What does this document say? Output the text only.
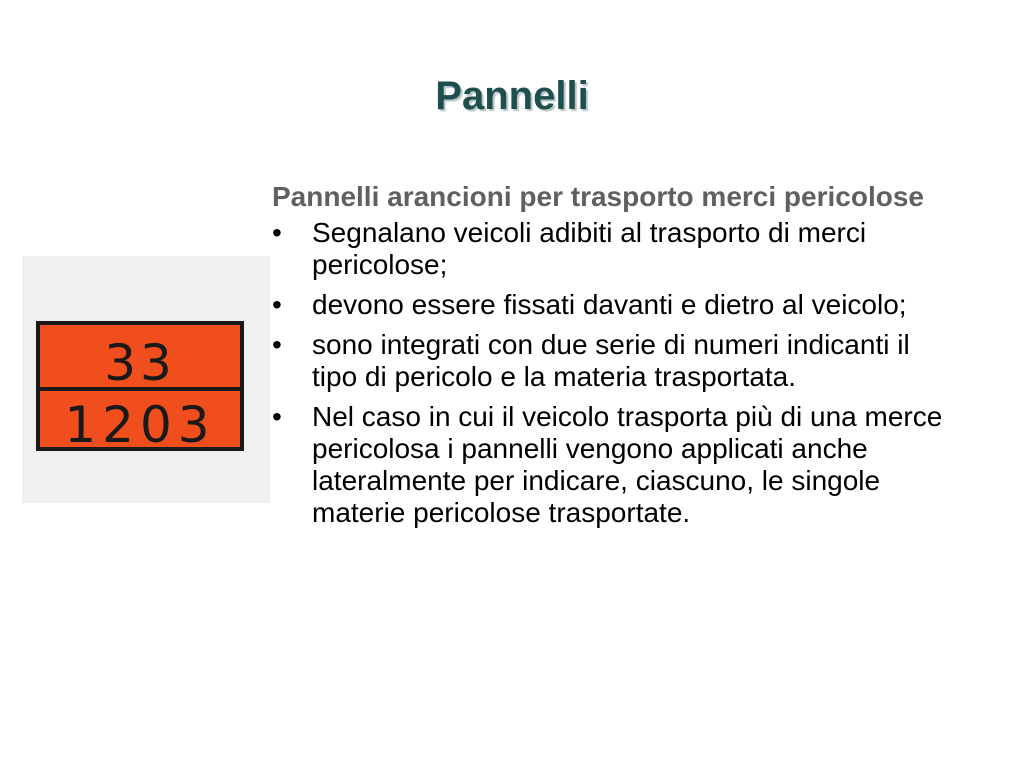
Pannelli
33
1203

Pannelli arancioni per trasporto merci pericolose

•	Segnalano veicoli adibiti al trasporto di merci pericolose;
•	devono essere fissati davanti e dietro al veicolo;
•	sono integrati con due serie di numeri indicanti il tipo di pericolo e la materia trasportata.
•	Nel caso in cui il veicolo trasporta più di una merce pericolosa i pannelli vengono applicati anche lateralmente per indicare, ciascuno, le singole materie pericolose trasportate.
